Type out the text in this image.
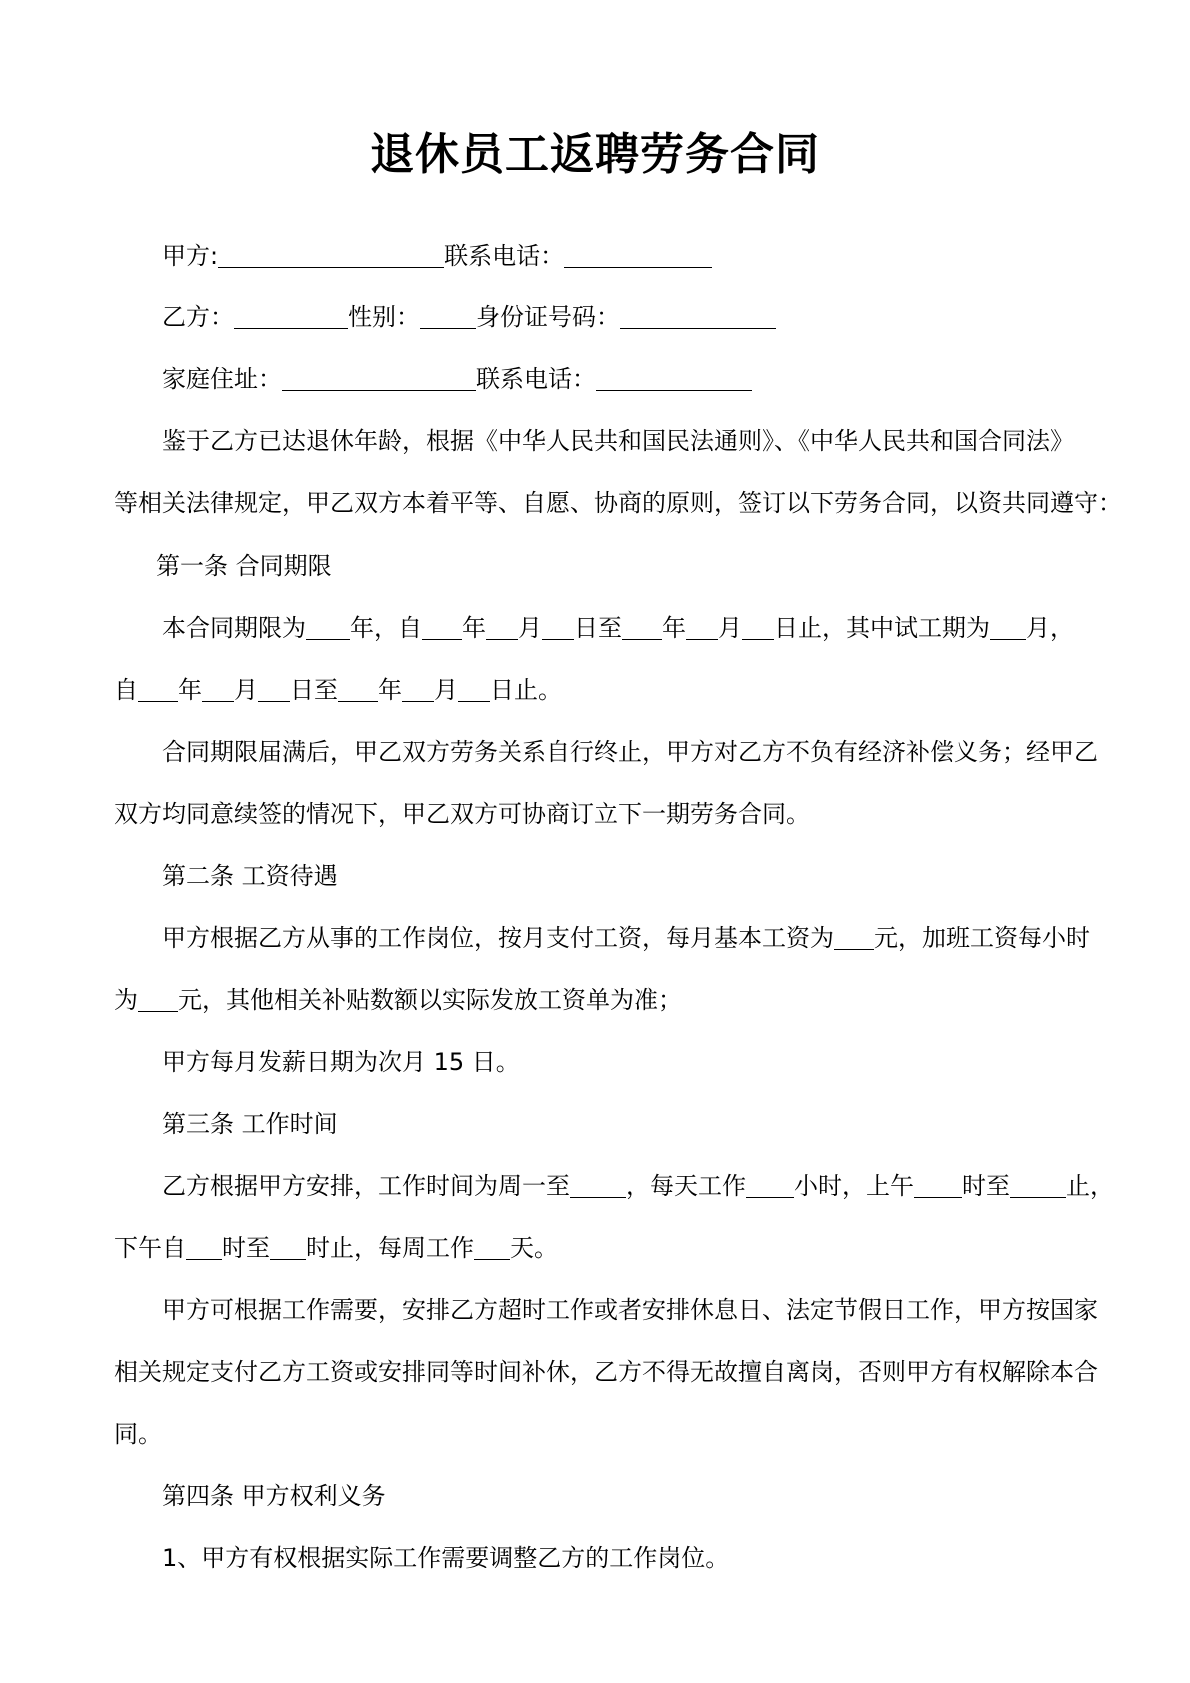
退休员工返聘劳务合同
甲方:	联系电话：
乙方：	性别： 身份证号码：
家庭住址：	联系电话：
鉴于乙方已达退休年龄，根据《中华人民共和国民法通则》、《中华人民共和国合同法》
等相关法律规定，甲乙双方本着平等、自愿、协商的原则，签订以下劳务合同，以资共同遵守：
第一条 合同期限
本合同期限为 年，自 年 月 日至 年 月 日止，其中试工期为 月，
自 年 月 日至 年 月 日止。
合同期限届满后，甲乙双方劳务关系自行终止，甲方对乙方不负有经济补偿义务；经甲乙
双方均同意续签的情况下，甲乙双方可协商订立下一期劳务合同。
第二条 工资待遇
甲方根据乙方从事的工作岗位，按月支付工资，每月基本工资为 元，加班工资每小时
为 元，其他相关补贴数额以实际发放工资单为准；
甲方每月发薪日期为次月 15 日。
第三条 工作时间
乙方根据甲方安排，工作时间为周一至 ，每天工作 小时，上午 时至 止，
下午自 时至 时止，每周工作 天。
甲方可根据工作需要，安排乙方超时工作或者安排休息日、法定节假日工作，甲方按国家
相关规定支付乙方工资或安排同等时间补休，乙方不得无故擅自离岗，否则甲方有权解除本合
同。
第四条 甲方权利义务
1、甲方有权根据实际工作需要调整乙方的工作岗位。
